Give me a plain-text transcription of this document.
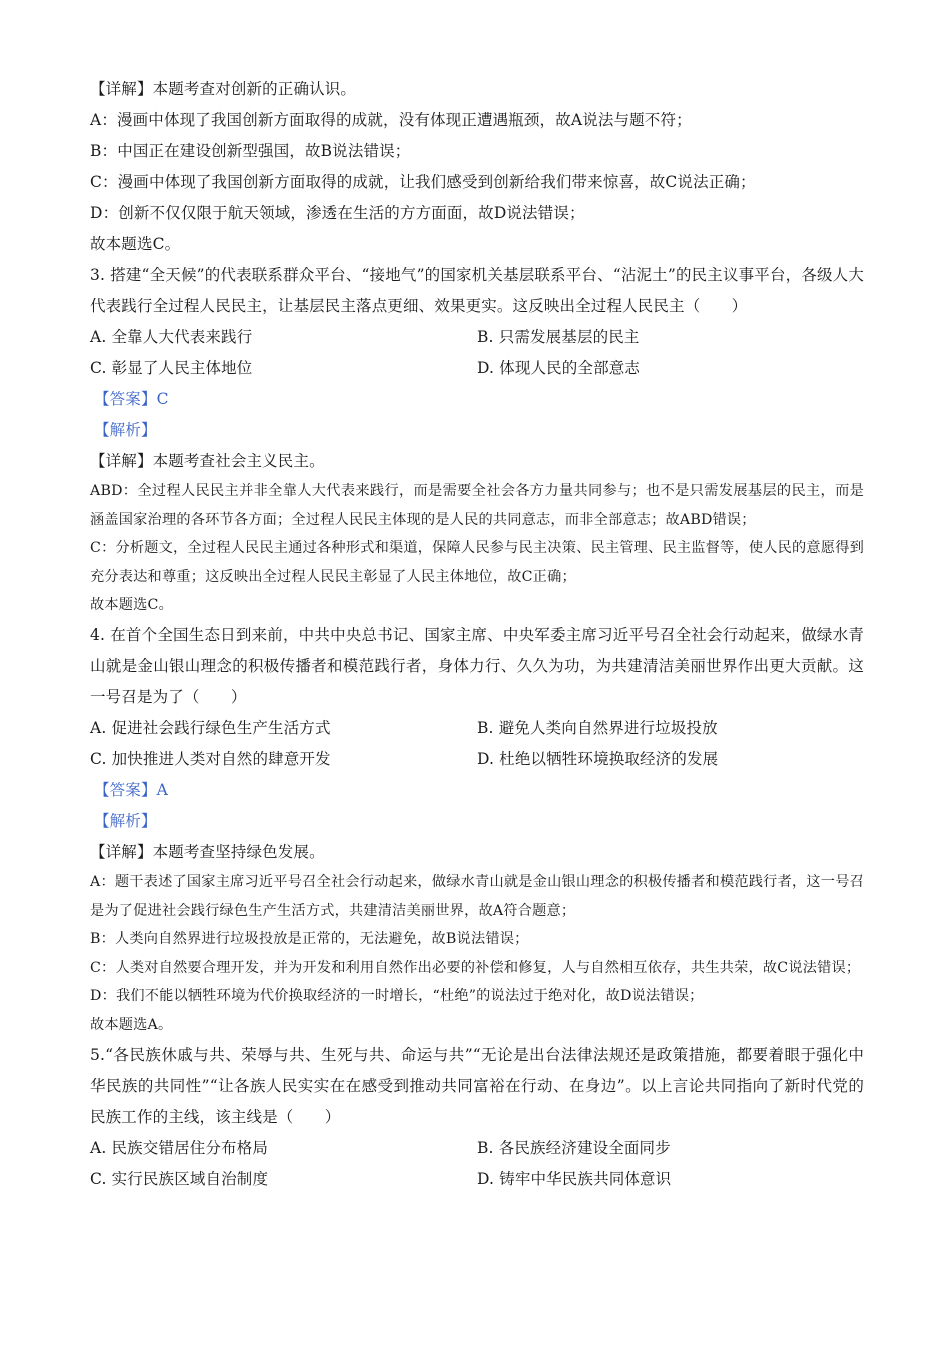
【详解】本题考查对创新的正确认识。
A：漫画中体现了我国创新方面取得的成就，没有体现正遭遇瓶颈，故A说法与题不符；
B：中国正在建设创新型强国，故B说法错误；
C：漫画中体现了我国创新方面取得的成就，让我们感受到创新给我们带来惊喜，故C说法正确；
D：创新不仅仅限于航天领域，渗透在生活的方方面面，故D说法错误；
故本题选C。
3. 搭建“全天候”的代表联系群众平台、“接地气”的国家机关基层联系平台、“沾泥土”的民主议事平台，各级人大代表践行全过程人民民主，让基层民主落点更细、效果更实。这反映出全过程人民民主（　　）
A. 全靠人大代表来践行	B. 只需发展基层的民主
C. 彰显了人民主体地位	D. 体现人民的全部意志
【答案】C
【解析】
【详解】本题考查社会主义民主。
ABD：全过程人民民主并非全靠人大代表来践行，而是需要全社会各方力量共同参与；也不是只需发展基层的民主，而是涵盖国家治理的各环节各方面；全过程人民民主体现的是人民的共同意志，而非全部意志；故ABD错误；
C：分析题文，全过程人民民主通过各种形式和渠道，保障人民参与民主决策、民主管理、民主监督等，使人民的意愿得到充分表达和尊重；这反映出全过程人民民主彰显了人民主体地位，故C正确；
故本题选C。
4. 在首个全国生态日到来前，中共中央总书记、国家主席、中央军委主席习近平号召全社会行动起来，做绿水青山就是金山银山理念的积极传播者和模范践行者，身体力行、久久为功，为共建清洁美丽世界作出更大贡献。这一号召是为了（　　）
A. 促进社会践行绿色生产生活方式	B. 避免人类向自然界进行垃圾投放
C. 加快推进人类对自然的肆意开发	D. 杜绝以牺牲环境换取经济的发展
【答案】A
【解析】
【详解】本题考查坚持绿色发展。
A：题干表述了国家主席习近平号召全社会行动起来，做绿水青山就是金山银山理念的积极传播者和模范践行者，这一号召是为了促进社会践行绿色生产生活方式，共建清洁美丽世界，故A符合题意；
B：人类向自然界进行垃圾投放是正常的，无法避免，故B说法错误；
C：人类对自然要合理开发，并为开发和利用自然作出必要的补偿和修复，人与自然相互依存，共生共荣，故C说法错误；
D：我们不能以牺牲环境为代价换取经济的一时增长，“杜绝”的说法过于绝对化，故D说法错误；
故本题选A。
5.“各民族休戚与共、荣辱与共、生死与共、命运与共”“无论是出台法律法规还是政策措施，都要着眼于强化中华民族的共同性”“让各族人民实实在在感受到推动共同富裕在行动、在身边”。以上言论共同指向了新时代党的民族工作的主线，该主线是（　　）
A. 民族交错居住分布格局	B. 各民族经济建设全面同步
C. 实行民族区域自治制度	D. 铸牢中华民族共同体意识
